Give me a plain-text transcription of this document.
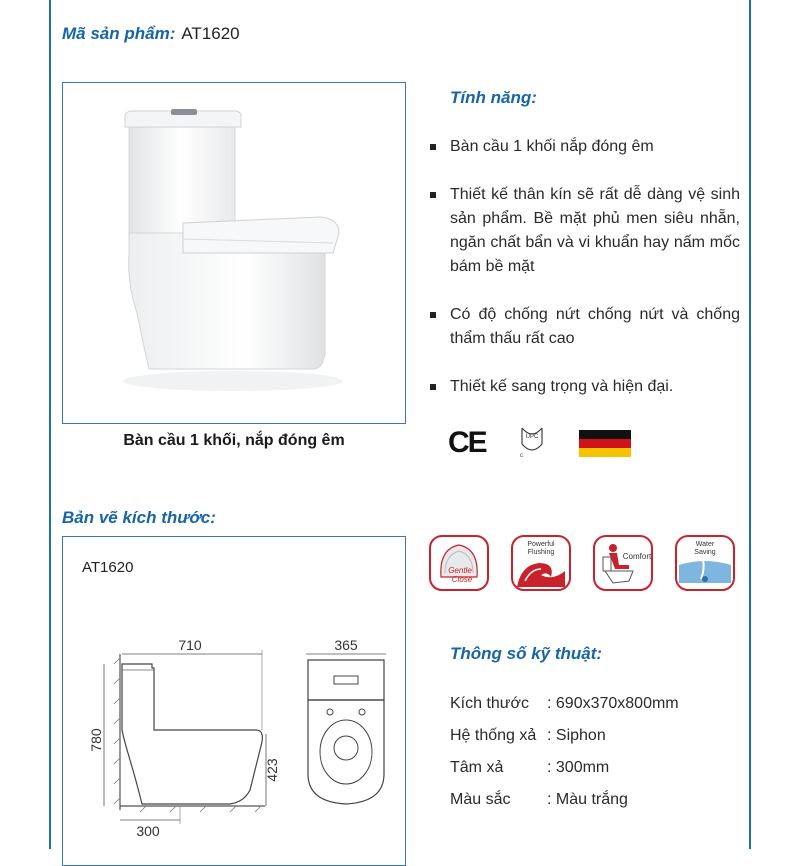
Mã sản phẩm: AT1620
Bàn cầu 1 khối, nắp đóng êm
Tính năng:
Bàn cầu 1 khối nắp đóng êm
Thiết kế thân kín sẽ rất dễ dàng vệ sinh sản phẩm. Bề mặt phủ men siêu nhẵn, ngăn chất bẩn và vi khuẩn hay nấm mốc bám bề mặt
Có độ chống nứt chống nứt và chống thẩm thấu rất cao
Thiết kế sang trọng và hiện đại.
CE	UPC
c
Bản vẽ kích thước:
AT1620
710
780
423
300
365
Gentle
Close
Powerful
Flushing	Comfort
Water
Saving
Thông số kỹ thuật:
Kích thước : 690x370x800mm
Hệ thống xả : Siphon
Tâm xả	: 300mm
Màu sắc : Màu trắng
